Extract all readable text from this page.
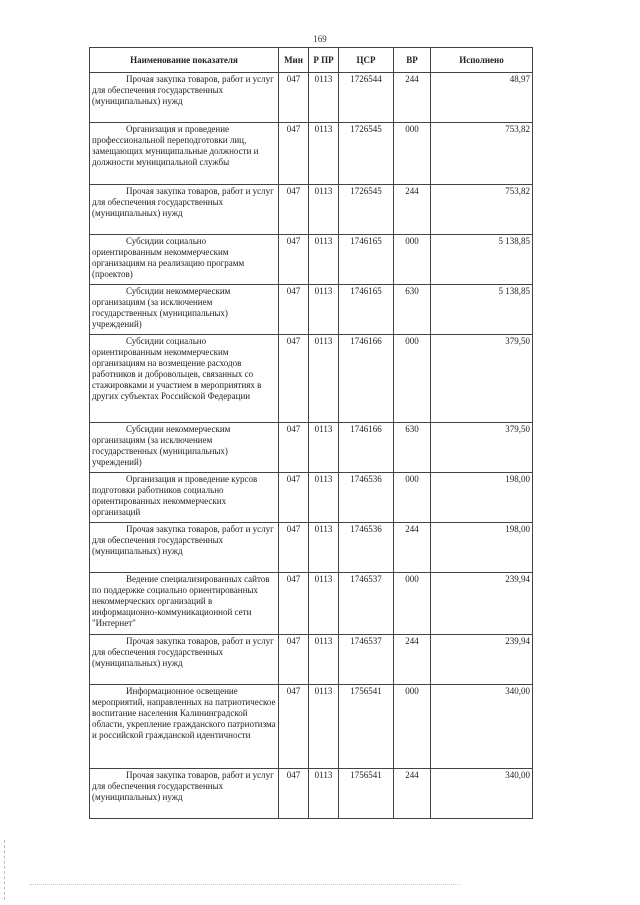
169
Наименование показателя	Мин	Р ПР	ЦСР	ВР	Исполнено

Прочая закупка товаров, работ и услуг для обеспечения государственных (муниципальных) нужд	047	0113	1726544	244	48,97

Организация и проведение профессиональной переподготовки лиц, замещающих муниципальные должности и должности муниципальной службы	047	0113	1726545	000	753,82

Прочая закупка товаров, работ и услуг для обеспечения государственных (муниципальных) нужд	047	0113	1726545	244	753,82

Субсидии социально ориентированным некоммерческим организациям на реализацию программ (проектов)	047	0113	1746165	000	5 138,85

Субсидии некоммерческим организациям (за исключением государственных (муниципальных) учреждений)	047	0113	1746165	630	5 138,85

Субсидии социально ориентированным некоммерческим организациям на возмещение расходов работников и добровольцев, связанных со стажировками и участием в мероприятиях в других субъектах Российской Федерации	047	0113	1746166	000	379,50

Субсидии некоммерческим организациям (за исключением государственных (муниципальных) учреждений)	047	0113	1746166	630	379,50

Организация и проведение курсов подготовки работников социально ориентированных некоммерческих организаций	047	0113	1746536	000	198,00

Прочая закупка товаров, работ и услуг для обеспечения государственных (муниципальных) нужд	047	0113	1746536	244	198,00

Ведение специализированных сайтов по поддержке социально ориентированных некоммерческих организаций в информационно-коммуникационной сети "Интернет"	047	0113	1746537	000	239,94

Прочая закупка товаров, работ и услуг для обеспечения государственных (муниципальных) нужд	047	0113	1746537	244	239,94

Информационное освещение мероприятий, направленных на патриотическое воспитание населения Калининградской области, укрепление гражданского патриотизма и российской гражданской идентичности	047	0113	1756541	000	340,00

Прочая закупка товаров, работ и услуг для обеспечения государственных (муниципальных) нужд	047	0113	1756541	244	340,00
